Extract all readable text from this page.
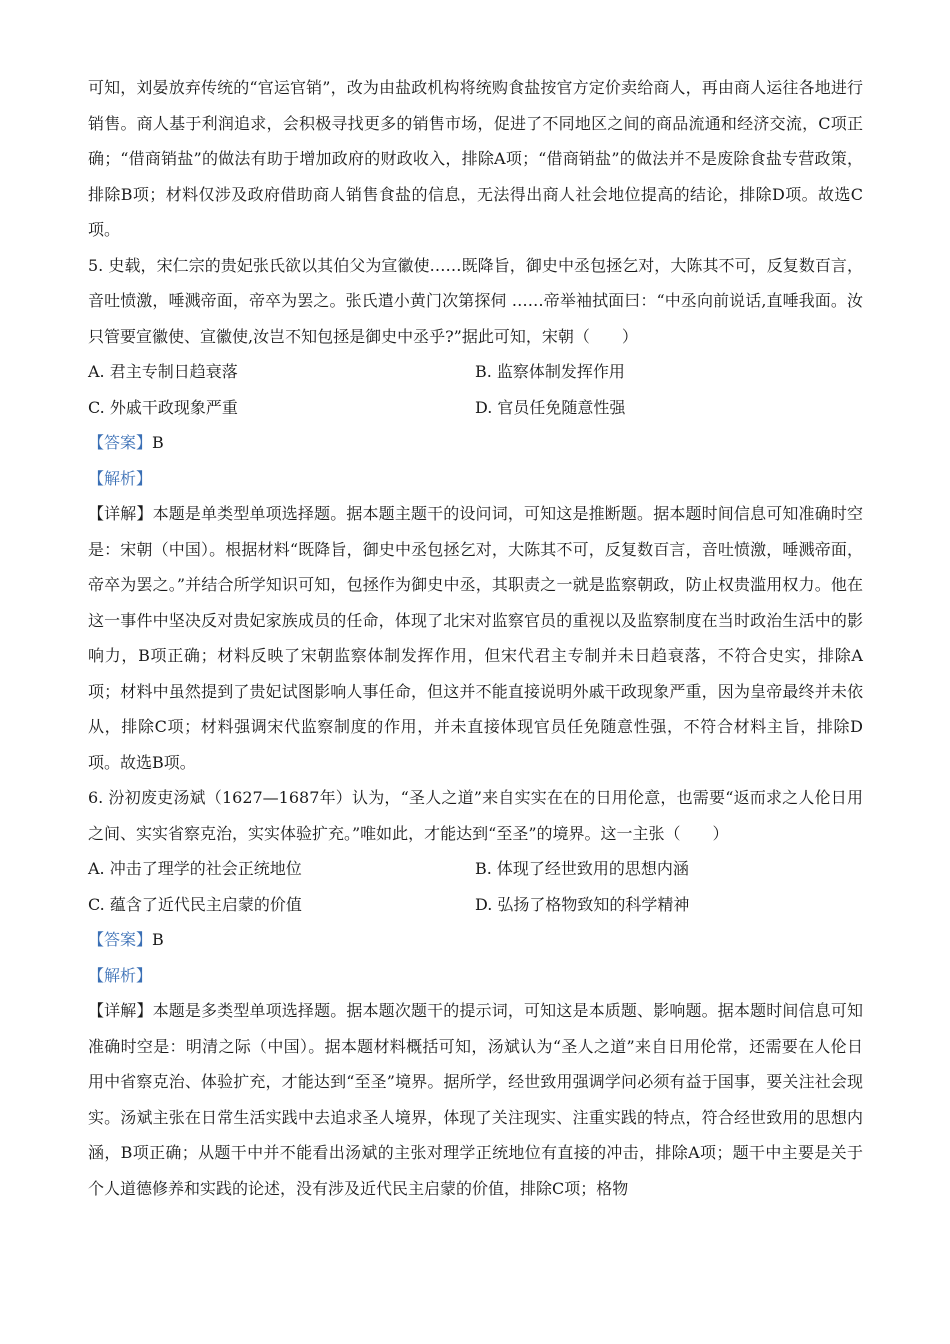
可知，刘晏放弃传统的“官运官销”，改为由盐政机构将统购食盐按官方定价卖给商人，再由商人运往各地进行销售。商人基于利润追求，会积极寻找更多的销售市场，促进了不同地区之间的商品流通和经济交流，C项正确；“借商销盐”的做法有助于增加政府的财政收入，排除A项；“借商销盐”的做法并不是废除食盐专营政策，排除B项；材料仅涉及政府借助商人销售食盐的信息，无法得出商人社会地位提高的结论，排除D项。故选C项。

5. 史载，宋仁宗的贵妃张氏欲以其伯父为宣徽使……既降旨，御史中丞包拯乞对，大陈其不可，反复数百言，音吐愤激，唾溅帝面，帝卒为罢之。张氏遣小黄门次第探伺 ‥‥‥帝举袖拭面曰：“中丞向前说话,直唾我面。汝只管要宣徽使、宣徽使,汝岂不知包拯是御史中丞乎?”据此可知，宋朝（　　）

A. 君主专制日趋衰落	B. 监察体制发挥作用
C. 外戚干政现象严重	D. 官员任免随意性强

【答案】B

【解析】

【详解】本题是单类型单项选择题。据本题主题干的设问词，可知这是推断题。据本题时间信息可知准确时空是：宋朝（中国）。根据材料“既降旨，御史中丞包拯乞对，大陈其不可，反复数百言，音吐愤激，唾溅帝面，帝卒为罢之。”并结合所学知识可知，包拯作为御史中丞，其职责之一就是监察朝政，防止权贵滥用权力。他在这一事件中坚决反对贵妃家族成员的任命，体现了北宋对监察官员的重视以及监察制度在当时政治生活中的影响力，B项正确；材料反映了宋朝监察体制发挥作用，但宋代君主专制并未日趋衰落，不符合史实，排除A项；材料中虽然提到了贵妃试图影响人事任命，但这并不能直接说明外戚干政现象严重，因为皇帝最终并未依从，排除C项；材料强调宋代监察制度的作用，并未直接体现官员任免随意性强，不符合材料主旨，排除D项。故选B项。

6. 汾初废吏汤斌（1627—1687年）认为，“圣人之道”来自实实在在的日用伦意，也需要“返而求之人伦日用之间、实实省察克治，实实体验扩充。”唯如此，才能达到“至圣”的境界。这一主张（　　）

A. 冲击了理学的社会正统地位	B. 体现了经世致用的思想内涵
C. 蕴含了近代民主启蒙的价值	D. 弘扬了格物致知的科学精神

【答案】B

【解析】

【详解】本题是多类型单项选择题。据本题次题干的提示词，可知这是本质题、影响题。据本题时间信息可知准确时空是：明清之际（中国）。据本题材料概括可知，汤斌认为“圣人之道”来自日用伦常，还需要在人伦日用中省察克治、体验扩充，才能达到“至圣”境界。据所学，经世致用强调学问必须有益于国事，要关注社会现实。汤斌主张在日常生活实践中去追求圣人境界，体现了关注现实、注重实践的特点，符合经世致用的思想内涵，B项正确；从题干中并不能看出汤斌的主张对理学正统地位有直接的冲击，排除A项；题干中主要是关于个人道德修养和实践的论述，没有涉及近代民主启蒙的价值，排除C项；格物
